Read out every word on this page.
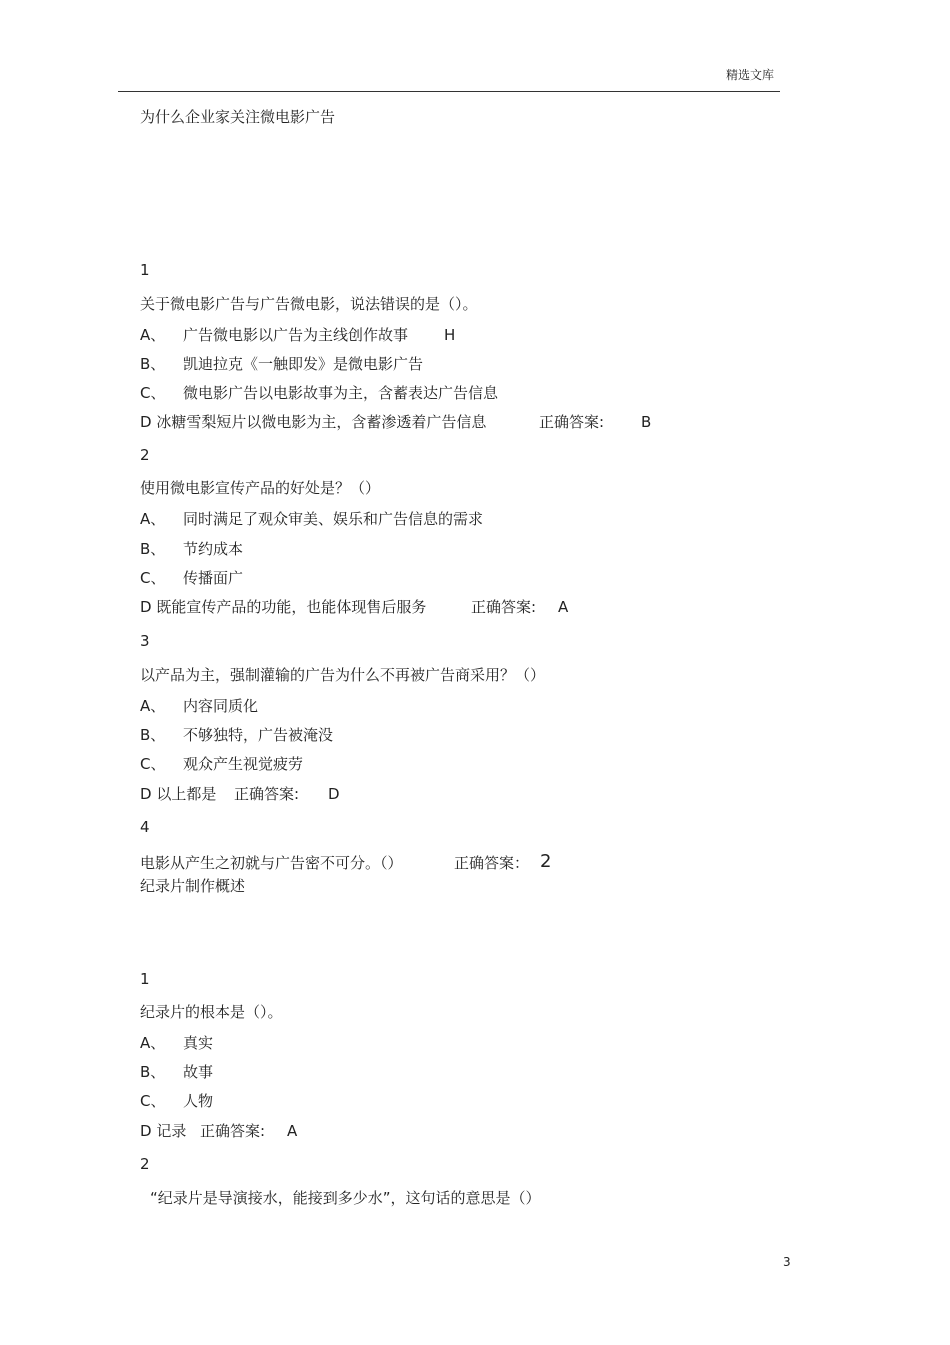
精选文库
为什么企业家关注微电影广告
1
关于微电影广告与广告微电影，说法错误的是（）。
A、 广告微电影以广告为主线创作故事 H
B、 凯迪拉克《一触即发》是微电影广告
C、 微电影广告以电影故事为主，含蓄表达广告信息
D 冰糖雪梨短片以微电影为主，含蓄渗透着广告信息	正确答案: B
2
使用微电影宣传产品的好处是？（）
A、 同时满足了观众审美、娱乐和广告信息的需求
B、 节约成本
C、 传播面广
D 既能宣传产品的功能，也能体现售后服务	正确答案: A
3
以产品为主，强制灌输的广告为什么不再被广告商采用？（）
A、 内容同质化
B、 不够独特，广告被淹没
C、 观众产生视觉疲劳
D 以上都是 正确答案: D
4
电影从产生之初就与广告密不可分。（）	正确答案： 2
纪录片制作概述
1
纪录片的根本是（）。
A、 真实
B、 故事
C、 人物
D 记录 正确答案: A
2
“纪录片是导演接水，能接到多少水”，这句话的意思是（）
3
